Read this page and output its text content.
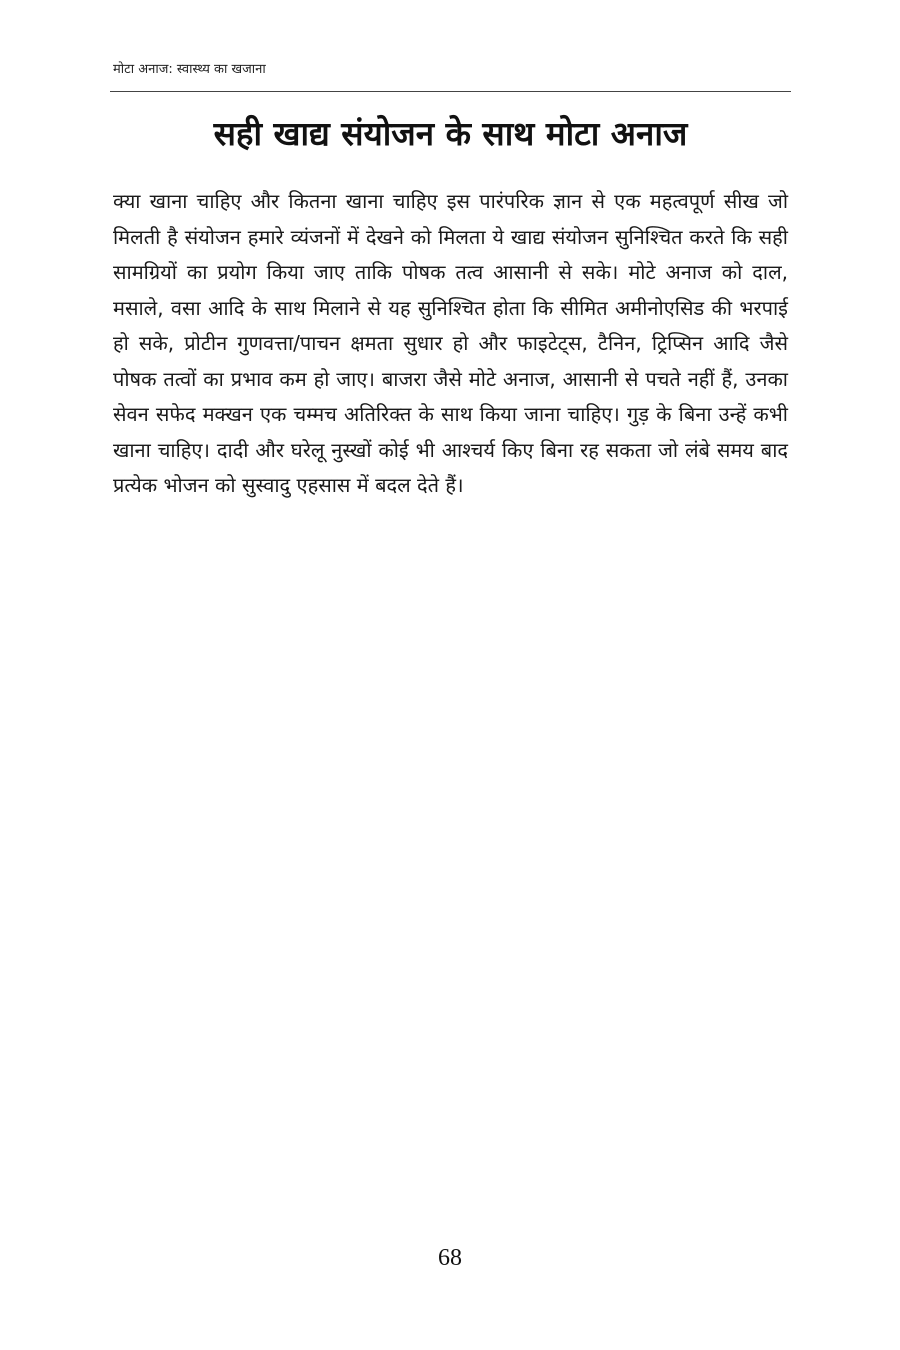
मोटा अनाज: स्वास्थ्य का खजाना
सही खाद्य संयोजन के साथ मोटा अनाज

क्या खाना चाहिए और कितना खाना चाहिए इस पारंपरिक ज्ञान से एक महत्वपूर्ण सीख जो मिलती है संयोजन हमारे व्यंजनों में देखने को मिलता ये खाद्य संयोजन सुनिश्चित करते कि सही सामग्रियों का प्रयोग किया जाए ताकि पोषक तत्व आसानी से सके। मोटे अनाज को दाल, मसाले, वसा आदि के साथ मिलाने से यह सुनिश्चित होता कि सीमित अमीनोएसिड की भरपाई हो सके, प्रोटीन गुणवत्ता/पाचन क्षमता सुधार हो और फाइटेट्स, टैनिन, ट्रिप्सिन आदि जैसे पोषक तत्वों का प्रभाव कम हो जाए। बाजरा जैसे मोटे अनाज, आसानी से पचते नहीं हैं, उनका सेवन सफेद मक्खन एक चम्मच अतिरिक्त के साथ किया जाना चाहिए। गुड़ के बिना उन्हें कभी खाना चाहिए। दादी और घरेलू नुस्खों कोई भी आश्चर्य किए बिना रह सकता जो लंबे समय बाद प्रत्येक भोजन को सुस्वादु एहसास में बदल देते हैं।

68
